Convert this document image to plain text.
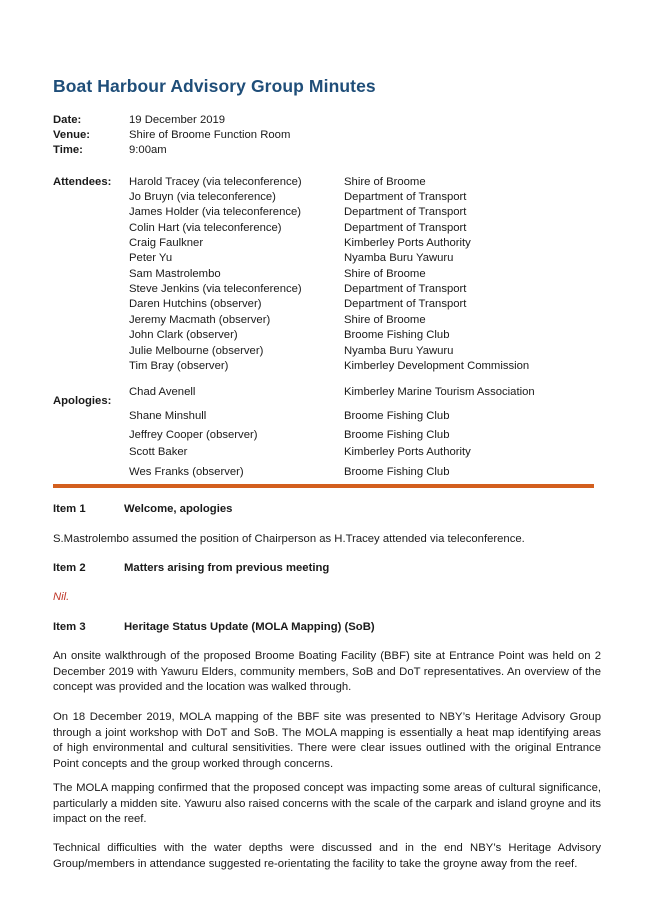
Boat Harbour Advisory Group Minutes
Date:	19 December 2019
Venue:	Shire of Broome Function Room
Time:	9:00am
Attendees: Harold Tracey (via teleconference)	Shire of Broome
Jo Bruyn (via teleconference)	Department of Transport
James Holder (via teleconference)	Department of Transport
Colin Hart (via teleconference)	Department of Transport
Craig Faulkner	Kimberley Ports Authority
Peter Yu	Nyamba Buru Yawuru
Sam Mastrolembo	Shire of Broome
Steve Jenkins (via teleconference)	Department of Transport
Daren Hutchins (observer)	Department of Transport
Jeremy Macmath (observer)	Shire of Broome
John Clark (observer)	Broome Fishing Club
Julie Melbourne (observer)	Nyamba Buru Yawuru
Tim Bray (observer)	Kimberley Development Commission
Apologies:
Chad Avenell	Kimberley Marine Tourism Association
Shane Minshull	Broome Fishing Club
Jeffrey Cooper (observer)	Broome Fishing Club
Scott Baker	Kimberley Ports Authority
Wes Franks (observer)	Broome Fishing Club
Item 1	Welcome, apologies

S.Mastrolembo assumed the position of Chairperson as H.Tracey attended via teleconference.

Item 2	Matters arising from previous meeting
Nil.
Item 3	Heritage Status Update (MOLA Mapping) (SoB)

An onsite walkthrough of the proposed Broome Boating Facility (BBF) site at Entrance Point was held on 2 December 2019 with Yawuru Elders, community members, SoB and DoT representatives. An overview of the concept was provided and the location was walked through.

On 18 December 2019, MOLA mapping of the BBF site was presented to NBY’s Heritage Advisory Group through a joint workshop with DoT and SoB. The MOLA mapping is essentially a heat map identifying areas of high environmental and cultural sensitivities. There were clear issues outlined with the original Entrance Point concepts and the group worked through concerns.

The MOLA mapping confirmed that the proposed concept was impacting some areas of cultural significance, particularly a midden site. Yawuru also raised concerns with the scale of the carpark and island groyne and its impact on the reef.

Technical difficulties with the water depths were discussed and in the end NBY’s Heritage Advisory Group/members in attendance suggested re-orientating the facility to take the groyne away from the reef.
